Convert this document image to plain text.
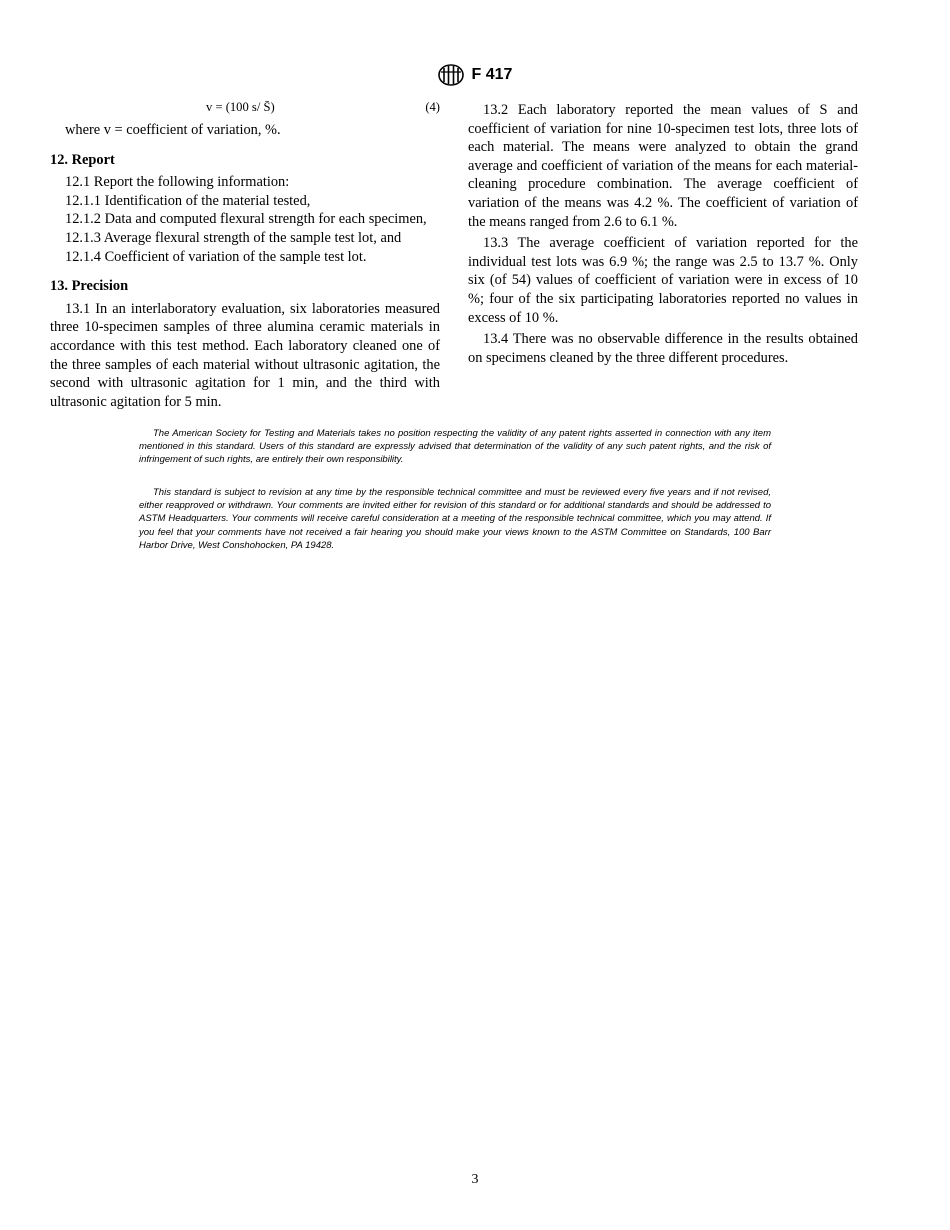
F 417
v = (100 s/ S̄)	(4)

where v = coefficient of variation, %.

12. Report

12.1 Report the following information:

12.1.1 Identification of the material tested,

12.1.2 Data and computed flexural strength for each specimen,

12.1.3 Average flexural strength of the sample test lot, and

12.1.4 Coefficient of variation of the sample test lot.

13. Precision

13.1 In an interlaboratory evaluation, six laboratories measured three 10-specimen samples of three alumina ceramic materials in accordance with this test method. Each laboratory cleaned one of the three samples of each material without ultrasonic agitation, the second with ultrasonic agitation for 1 min, and the third with ultrasonic agitation for 5 min.

13.2 Each laboratory reported the mean values of S and coefficient of variation for nine 10-specimen test lots, three lots of each material. The means were analyzed to obtain the grand average and coefficient of variation of the means for each material-cleaning procedure combination. The average coefficient of variation of the means was 4.2 %. The coefficient of variation of the means ranged from 2.6 to 6.1 %.

13.3 The average coefficient of variation reported for the individual test lots was 6.9 %; the range was 2.5 to 13.7 %. Only six (of 54) values of coefficient of variation were in excess of 10 %; four of the six participating laboratories reported no values in excess of 10 %.

13.4 There was no observable difference in the results obtained on specimens cleaned by the three different procedures.

The American Society for Testing and Materials takes no position respecting the validity of any patent rights asserted in connection with any item mentioned in this standard. Users of this standard are expressly advised that determination of the validity of any such patent rights, and the risk of infringement of such rights, are entirely their own responsibility.

This standard is subject to revision at any time by the responsible technical committee and must be reviewed every five years and if not revised, either reapproved or withdrawn. Your comments are invited either for revision of this standard or for additional standards and should be addressed to ASTM Headquarters. Your comments will receive careful consideration at a meeting of the responsible technical committee, which you may attend. If you feel that your comments have not received a fair hearing you should make your views known to the ASTM Committee on Standards, 100 Barr Harbor Drive, West Conshohocken, PA 19428.

3
